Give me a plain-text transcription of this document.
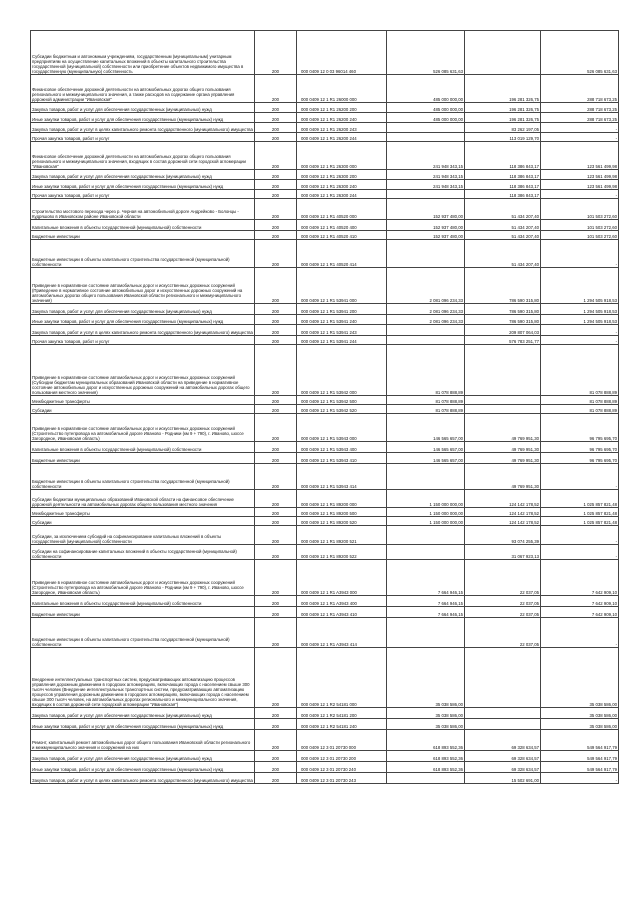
Субсидии бюджетным и автономным учреждениям, государственным (муниципальным) унитарным предприятиям на осуществление капитальных вложений в объекты капитального строительства государственной (муниципальной) собственности или приобретение объектов недвижимого имущества в государственную (муниципальную) собственность	200	000 0409 12 0 03 96014 460	526 085 631,63		526 085 631,63
Финансовое обеспечение дорожной деятельности на автомобильных дорогах общего пользования регионального и межмуниципального значения, а также расходов на содержание органа управления дорожной администрации "Ивановская"	200	000 0409 12 1 R1 26000 000	485 000 000,00	196 281 326,75	288 718 673,25
Закупка товаров, работ и услуг для обеспечения государственных (муниципальных) нужд	200	000 0409 12 1 R1 26200 200	485 000 000,00	196 281 326,75	288 718 673,25
Иные закупки товаров, работ и услуг для обеспечения государственных (муниципальных) нужд	200	000 0409 12 1 R1 26200 240	485 000 000,00	196 281 326,75	288 718 673,25
Закупка товаров, работ и услуг в целях капитального ремонта государственного (муниципального) имущества	200	000 0409 12 1 R1 26200 243		83 262 197,05	-
Прочая закупка товаров, работ и услуг	200	000 0409 12 1 R1 26200 244		113 019 129,70	-
Финансовое обеспечение дорожной деятельности на автомобильных дорогах общего пользования регионального и межмуниципального значения, входящих в состав дорожной сети городской агломерации "Ивановская"	200	000 0409 12 1 R1 26300 000	241 948 343,15	118 386 843,17	123 561 499,98
Закупка товаров, работ и услуг для обеспечения государственных (муниципальных) нужд	200	000 0409 12 1 R1 26300 200	241 948 343,15	118 386 843,17	123 561 499,98
Иные закупки товаров, работ и услуг для обеспечения государственных (муниципальных) нужд	200	000 0409 12 1 R1 26300 240	241 948 343,15	118 386 843,17	123 561 499,98
Прочая закупка товаров, работ и услуг	200	000 0409 12 1 R1 26300 244		118 386 843,17	-
Строительство мостового перехода через р. Черная на автомобильной дороге Андрейково - Болонцы - Кудряшово в Ивановском районе Ивановской области	200	000 0409 12 1 R1 40520 000	152 937 480,00	51 434 207,40	101 503 272,60
Капитальные вложения в объекты государственной (муниципальной) собственности	200	000 0409 12 1 R1 40520 400	152 937 480,00	51 434 207,40	101 503 272,60
Бюджетные инвестиции	200	000 0409 12 1 R1 40520 410	152 937 480,00	51 434 207,40	101 503 272,60
Бюджетные инвестиции в объекты капитального строительства государственной (муниципальной) собственности	200	000 0409 12 1 R1 40520 414		51 434 207,40	-
Приведение в нормативное состояние автомобильных дорог и искусственных дорожных сооружений (Приведение в нормативное состояние автомобильных дорог и искусственных дорожных сооружений на автомобильных дорогах общего пользования Ивановской области регионального и межмуниципального значения)	200	000 0409 12 1 R1 53941 000	2 081 096 234,33	786 590 315,80	1 294 505 918,53
Закупка товаров, работ и услуг для обеспечения государственных (муниципальных) нужд	200	000 0409 12 1 R1 53941 200	2 081 096 234,33	786 590 315,80	1 294 505 918,53
Иные закупки товаров, работ и услуг для обеспечения государственных (муниципальных) нужд	200	000 0409 12 1 R1 53941 240	2 081 096 234,33	786 590 315,80	1 294 505 918,53
Закупка товаров, работ и услуг в целях капитального ремонта государственного (муниципального) имущества	200	000 0409 12 1 R1 53941 243		209 807 064,03	-
Прочая закупка товаров, работ и услуг	200	000 0409 12 1 R1 53941 244		576 783 251,77	-
Приведение в нормативное состояние автомобильных дорог и искусственных дорожных сооружений (Субсидии бюджетам муниципальных образований Ивановской области на приведение в нормативное состояние автомобильных дорог и искусственных дорожных сооружений на автомобильных дорогах общего пользования местного значения)	200	000 0409 12 1 R1 53942 000	81 078 888,89		81 078 888,89
Межбюджетные трансферты	200	000 0409 12 1 R1 53942 500	81 078 888,89		81 078 888,89
Субсидии	200	000 0409 12 1 R1 53942 520	81 078 888,89		81 078 888,89
Приведение в нормативное состояние автомобильных дорог и искусственных дорожных сооружений (Строительство путепровода на автомобильной дороге Иваново - Родники (км 9 + 790), г. Иваново, шоссе Загородное, Ивановская область)	200	000 0409 12 1 R1 53943 000	146 565 657,00	49 769 951,30	96 795 695,70
Капитальные вложения в объекты государственной (муниципальной) собственности	200	000 0409 12 1 R1 53943 400	146 565 657,00	49 769 951,30	96 795 695,70
Бюджетные инвестиции	200	000 0409 12 1 R1 53943 410	146 565 657,00	49 769 951,30	96 795 695,70
Бюджетные инвестиции в объекты капитального строительства государственной (муниципальной) собственности	200	000 0409 12 1 R1 53943 414		49 769 951,30	-
Субсидии бюджетам муниципальных образований Ивановской области на финансовое обеспечение дорожной деятельности на автомобильных дорогах общего пользования местного значения	200	000 0409 12 1 R1 89200 000	1 150 000 000,00	124 142 178,52	1 025 857 821,48
Межбюджетные трансферты	200	000 0409 12 1 R1 89200 500	1 150 000 000,00	124 142 178,52	1 025 857 821,48
Субсидии	200	000 0409 12 1 R1 89200 520	1 150 000 000,00	124 142 178,52	1 025 857 821,48
Субсидии, за исключением субсидий на софинансирование капитальных вложений в объекты государственной (муниципальной) собственности	200	000 0409 12 1 R1 89200 521		93 074 255,39	-
Субсидии на софинансирование капитальных вложений в объекты государственной (муниципальной) собственности	200	000 0409 12 1 R1 89200 522		31 067 923,13	-
Приведение в нормативное состояние автомобильных дорог и искусственных дорожных сооружений (Строительство путепровода на автомобильной дороге Иваново - Родники (км 9 + 790), г. Иваново, шоссе Загородное, Ивановская область)	200	000 0409 12 1 R1 A3943 000	7 664 946,15	22 037,05	7 642 909,10
Капитальные вложения в объекты государственной (муниципальной) собственности	200	000 0409 12 1 R1 A3943 400	7 664 946,15	22 037,05	7 642 909,10
Бюджетные инвестиции	200	000 0409 12 1 R1 A3943 410	7 664 946,15	22 037,05	7 642 909,10
Бюджетные инвестиции в объекты капитального строительства государственной (муниципальной) собственности	200	000 0409 12 1 R1 A3943 414		22 037,05	-
Внедрение интеллектуальных транспортных систем, предусматривающих автоматизацию процессов управления дорожным движением в городских агломерациях, включающих города с населением свыше 300 тысяч человек (Внедрение интеллектуальных транспортных систем, предусматривающих автоматизацию процессов управления дорожным движением в городских агломерациях, включающих города с населением свыше 300 тысяч человек, на автомобильных дорогах регионального и межмуниципального значения, входящих в состав дорожной сети городской агломерации "Ивановская")	200	000 0409 12 1 R2 54181 000	35 038 586,00		35 038 586,00
Закупка товаров, работ и услуг для обеспечения государственных (муниципальных) нужд	200	000 0409 12 1 R2 54181 200	35 038 586,00		35 038 586,00
Иные закупки товаров, работ и услуг для обеспечения государственных (муниципальных) нужд	200	000 0409 12 1 R2 54181 240	35 038 586,00		35 038 586,00
Ремонт, капитальный ремонт автомобильных дорог общего пользования Ивановской области регионального и межмуниципального значения и сооружений на них	200	000 0409 12 3 01 20730 000	618 893 552,36	69 328 634,57	549 564 917,79
Закупка товаров, работ и услуг для обеспечения государственных (муниципальных) нужд	200	000 0409 12 3 01 20730 200	618 893 552,36	69 328 634,57	549 564 917,79
Иные закупки товаров, работ и услуг для обеспечения государственных (муниципальных) нужд	200	000 0409 12 3 01 20730 240	618 893 552,36	69 328 634,57	549 564 917,79
Закупка товаров, работ и услуг в целях капитального ремонта государственного (муниципального) имущества	200	000 0409 12 3 01 20730 243		15 502 691,00	-
